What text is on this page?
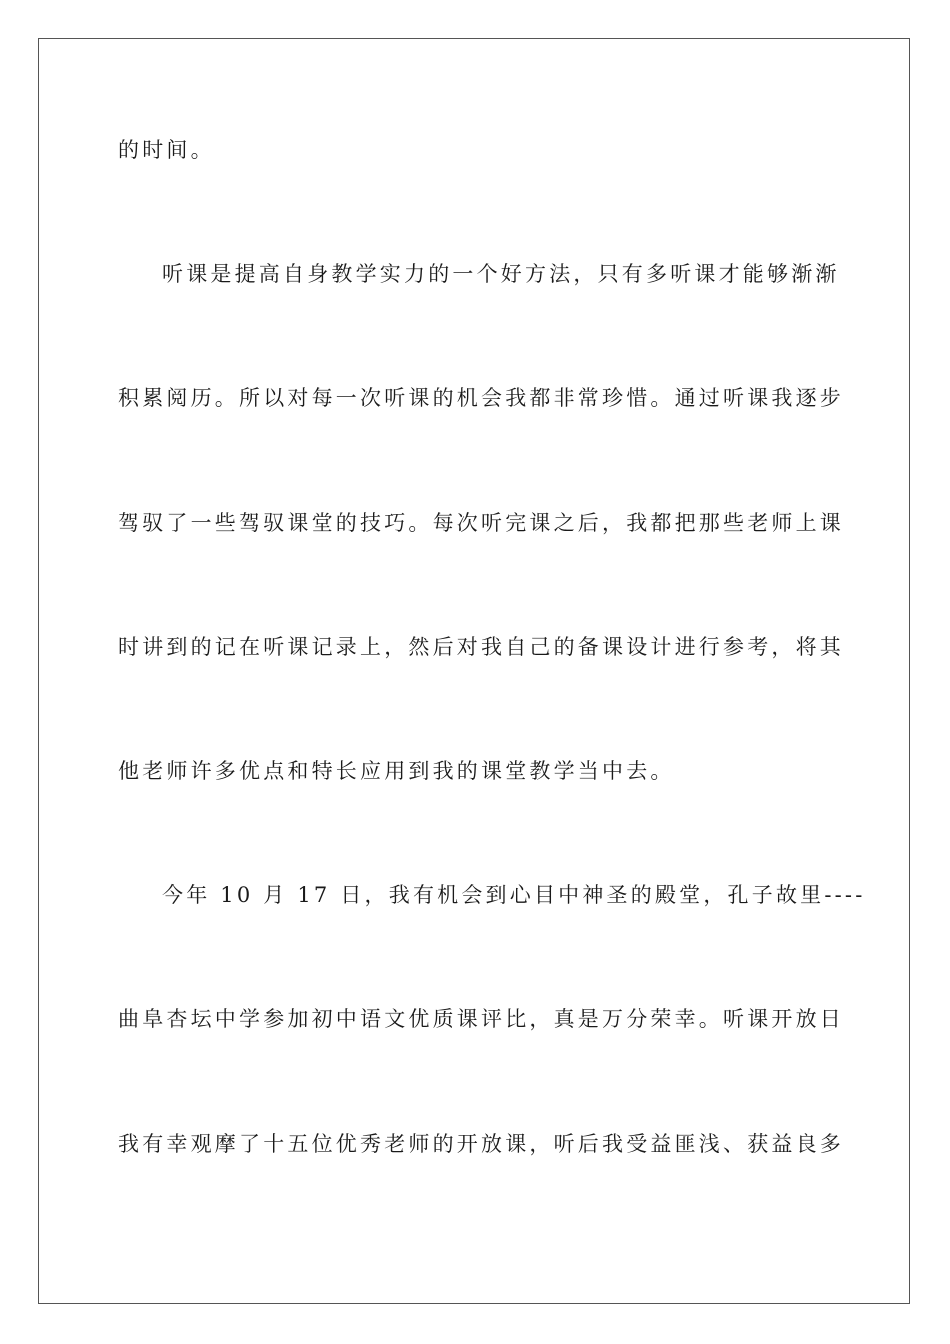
的时间。
听课是提高自身教学实力的一个好方法，只有多听课才能够渐渐
积累阅历。所以对每一次听课的机会我都非常珍惜。通过听课我逐步
驾驭了一些驾驭课堂的技巧。每次听完课之后，我都把那些老师上课
时讲到的记在听课记录上，然后对我自己的备课设计进行参考，将其
他老师许多优点和特长应用到我的课堂教学当中去。
今年 10 月 17 日，我有机会到心目中神圣的殿堂，孔子故里----
曲阜杏坛中学参加初中语文优质课评比，真是万分荣幸。听课开放日
我有幸观摩了十五位优秀老师的开放课，听后我受益匪浅、获益良多
